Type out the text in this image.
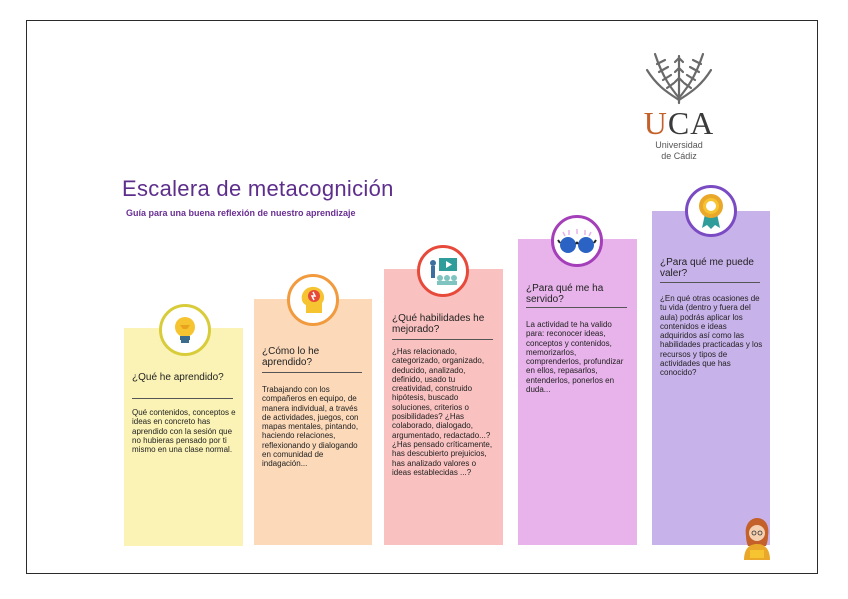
UCA
Universidad
de Cádiz
Escalera de metacognición
Guía para una buena reflexión de nuestro aprendizaje
¿Qué he aprendido?
Qué contenidos, conceptos e ideas en concreto has aprendido con la sesión que no hubieras pensado por ti mismo en una clase normal.
¿Cómo lo he aprendido?
Trabajando con los compañeros en equipo, de manera individual, a través de actividades, juegos, con mapas mentales, pintando, haciendo relaciones, reflexionando y dialogando en comunidad de indagación...
¿Qué habilidades he mejorado?
¿Has relacionado, categorizado, organizado, deducido, analizado, definido, usado tu creatividad, construido hipótesis, buscado soluciones, criterios o posibilidades? ¿Has colaborado, dialogado, argumentado, redactado...? ¿Has pensado críticamente, has descubierto prejuicios, has analizado valores o ideas establecidas ...?
¿Para qué me ha servido?
La actividad te ha valido para: reconocer ideas, conceptos y contenidos, memorizarlos, comprenderlos, profundizar en ellos, repasarlos, entenderlos, ponerlos en duda...
¿Para qué me puede valer?
¿En qué otras ocasiones de tu vida (dentro y fuera del aula) podrás aplicar los contenidos e ideas adquiridos así como las habilidades practicadas y los recursos y tipos de actividades que has conocido?
